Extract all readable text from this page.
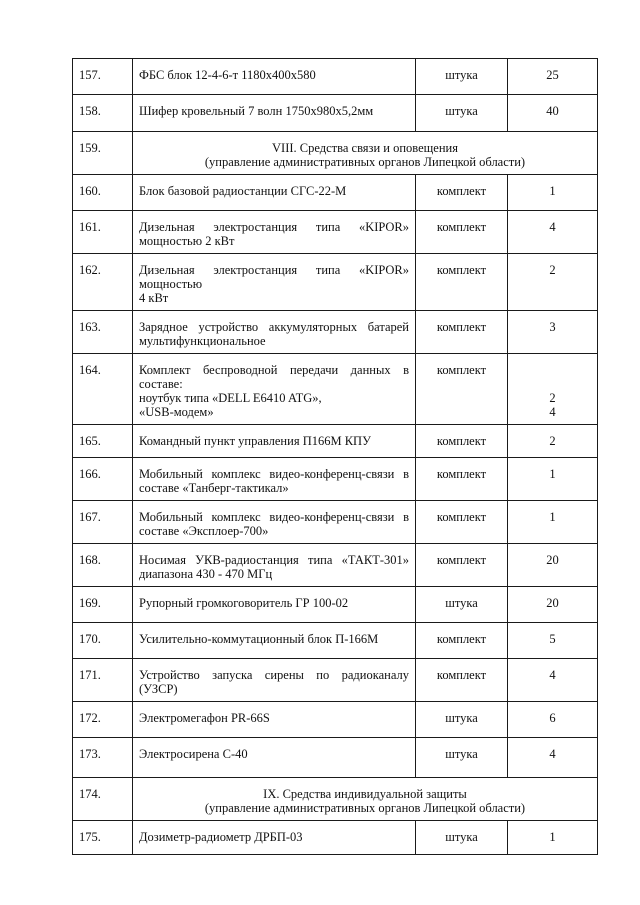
157.	ФБС блок 12-4-6-т 1180x400x580	штука	25

158.	Шифер кровельный 7 волн 1750x980x5,2мм	штука	40

159.	VIII. Средства связи и оповещения
(управление административных органов Липецкой области)		

160.	Блок базовой радиостанции СГС-22-М	комплект	1

161.	Дизельная электростанция типа «KIPOR»
мощностью 2 кВт	комплект	4

162.	Дизельная электростанция типа «KIPOR»
мощностью
4 кВт	комплект	2

163.	Зарядное устройство аккумуляторных батарей
мультифункциональное	комплект	3

164.	Комплект беспроводной передачи данных в
составе:
ноутбук типа «DELL E6410 ATG»,
«USB-модем»	комплект	2
4

165.	Командный пункт управления П166М КПУ	комплект	2

166.	Мобильный комплекс видео-конференц-связи в
составе «Танберг-тактикал»	комплект	1

167.	Мобильный комплекс видео-конференц-связи в
составе «Эксплоер-700»	комплект	1

168.	Носимая УКВ-радиостанция типа «ТАКТ-301»
диапазона 430 - 470 МГц	комплект	20

169.	Рупорный громкоговоритель ГР 100-02	штука	20

170.	Усилительно-коммутационный блок П-166М	комплект	5

171.	Устройство запуска сирены по радиоканалу
(УЗСР)	комплект	4

172.	Электромегафон PR-66S	штука	6

173.	Электросирена С-40	штука	4

174.	IX. Средства индивидуальной защиты
(управление административных органов Липецкой области)		

175.	Дозиметр-радиометр ДРБП-03	штука	1
